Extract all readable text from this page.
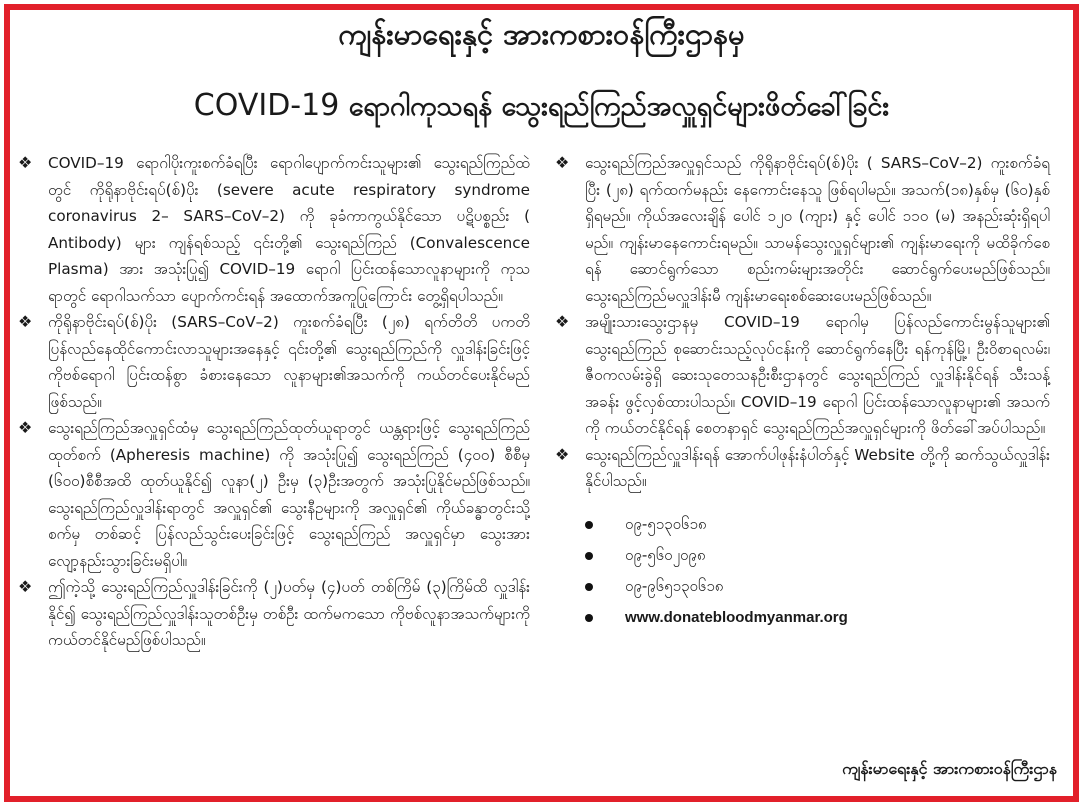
ကျန်းမာရေးနှင့် အားကစားဝန်ကြီးဌာနမှ
COVID-19 ရောဂါကုသရန် သွေးရည်ကြည်အလှူရှင်များဖိတ်ခေါ်ခြင်း
❖ COVID–19 ရောဂါပိုးကူးစက်ခံရပြီး ရောဂါပျောက်ကင်းသူများ၏ သွေးရည်ကြည်ထဲတွင် ကိုရိုနာဗိုင်းရပ်(စ်)ပိုး (severe acute respiratory syndrome coronavirus 2– SARS–CoV–2) ကို ခုခံကာကွယ်နိုင်သော ပဋိပစ္စည်း ( Antibody) များ ကျန်ရစ်သည့် ၎င်းတို့၏ သွေးရည်ကြည် (Convalescence Plasma) အား အသုံးပြု၍ COVID–19 ရောဂါ ပြင်းထန်သောလူနာများကို ကုသရာတွင် ရောဂါသက်သာ ပျောက်ကင်းရန် အထောက်အကူပြုကြောင်း တွေ့ရှိရပါသည်။
❖ ကိုရိုနာဗိုင်းရပ်(စ်)ပိုး (SARS–CoV–2) ကူးစက်ခံရပြီး (၂၈) ရက်တိတိ ပကတိ ပြန်လည်နေထိုင်ကောင်းလာသူများအနေနှင့် ၎င်းတို့၏ သွေးရည်ကြည်ကို လှူဒါန်းခြင်းဖြင့် ကိုဗစ်ရောဂါ ပြင်းထန်စွာ ခံစားနေသော လူနာများ၏အသက်ကို ကယ်တင်ပေးနိုင်မည်ဖြစ်သည်။
❖ သွေးရည်ကြည်အလှူရှင်ထံမှ သွေးရည်ကြည်ထုတ်ယူရာတွင် ယန္တရားဖြင့် သွေးရည်ကြည်ထုတ်စက် (Apheresis machine) ကို အသုံးပြု၍ သွေးရည်ကြည် (၄၀၀) စီစီမှ (၆၀၀)စီစီအထိ ထုတ်ယူနိုင်၍ လူနာ(၂) ဦးမှ (၃)ဦးအတွက် အသုံးပြုနိုင်မည်ဖြစ်သည်။ သွေးရည်ကြည်လှူဒါန်းရာတွင် အလှူရှင်၏ သွေးနီဥများကို အလှူရှင်၏ ကိုယ်ခန္ဓာတွင်းသို့ စက်မှ တစ်ဆင့် ပြန်လည်သွင်းပေးခြင်းဖြင့် သွေးရည်ကြည် အလှူရှင်မှာ သွေးအား လျော့နည်းသွားခြင်းမရှိပါ။
❖ ဤကဲ့သို့ သွေးရည်ကြည်လှူဒါန်းခြင်းကို (၂)ပတ်မှ (၄)ပတ် တစ်ကြိမ် (၃)ကြိမ်ထိ လှူဒါန်းနိုင်၍ သွေးရည်ကြည်လှူဒါန်းသူတစ်ဦးမှ တစ်ဦး ထက်မကသော ကိုဗစ်လူနာအသက်များကို ကယ်တင်နိုင်မည်ဖြစ်ပါသည်။
❖ သွေးရည်ကြည်အလှူရှင်သည် ကိုရိုနာဗိုင်းရပ်(စ်)ပိုး ( SARS–CoV–2) ကူးစက်ခံရပြီး (၂၈) ရက်ထက်မနည်း နေကောင်းနေသူ ဖြစ်ရပါမည်။ အသက်(၁၈)နှစ်မှ (၆၀)နှစ် ရှိရမည်။ ကိုယ်အလေးချိန် ပေါင် ၁၂၀ (ကျား) နှင့် ပေါင် ၁၁၀ (မ) အနည်းဆုံးရှိရပါမည်။ ကျန်းမာနေကောင်းရမည်။ သာမန်သွေးလှူရှင်များ၏ ကျန်းမာရေးကို မထိခိုက်စေရန် ဆောင်ရွက်သော စည်းကမ်းများအတိုင်း ဆောင်ရွက်ပေးမည်ဖြစ်သည်။ သွေးရည်ကြည်မလှူဒါန်းမီ ကျန်းမာရေးစစ်ဆေးပေးမည်ဖြစ်သည်။
❖ အမျိုးသားသွေးဌာနမှ COVID–19 ရောဂါမှ ပြန်လည်ကောင်းမွန်သူများ၏ သွေးရည်ကြည် စုဆောင်းသည့်လုပ်ငန်းကို ဆောင်ရွက်နေပြီး ရန်ကုန်မြို့၊ ဦးဝိစာရလမ်း၊ ဇီဝကလမ်းခွဲရှိ ဆေးသုတေသနဦးစီးဌာနတွင် သွေးရည်ကြည် လှူဒါန်းနိုင်ရန် သီးသန့်အခန်း ဖွင့်လှစ်ထားပါသည်။ COVID–19 ရောဂါ ပြင်းထန်သောလူနာများ၏ အသက်ကို ကယ်တင်နိုင်ရန် စေတနာရှင် သွေးရည်ကြည်အလှူရှင်များကို ဖိတ်ခေါ်အပ်ပါသည်။
❖ သွေးရည်ကြည်လှူဒါန်းရန် အောက်ပါဖုန်းနံပါတ်နှင့် Website တို့ကို ဆက်သွယ်လှူဒါန်းနိုင်ပါသည်။
၀၉-၅၁၃၀၆၁၈
၀၉-၅၆၀၂၀၉၈
၀၉-၉၆၅၁၃၀၆၁၈
www.donatebloodmyanmar.org
ကျန်းမာရေးနှင့် အားကစားဝန်ကြီးဌာန
